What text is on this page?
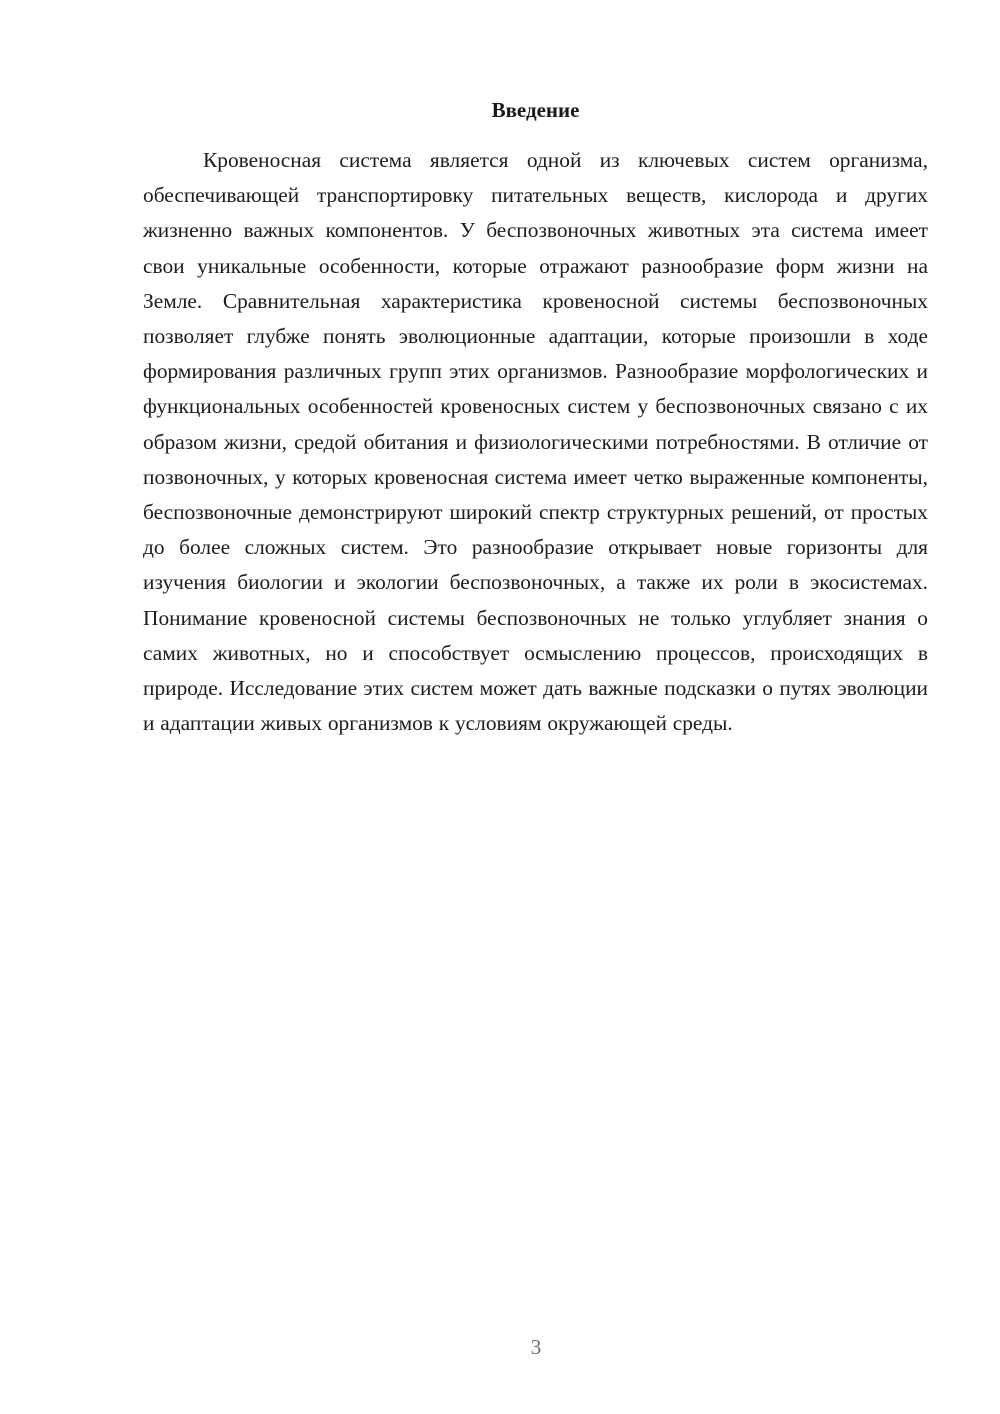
Введение

Кровеносная система является одной из ключевых систем организма, обеспечивающей транспортировку питательных веществ, кислорода и других жизненно важных компонентов. У беспозвоночных животных эта система имеет свои уникальные особенности, которые отражают разнообразие форм жизни на Земле. Сравнительная характеристика кровеносной системы беспозвоночных позволяет глубже понять эволюционные адаптации, которые произошли в ходе формирования различных групп этих организмов. Разнообразие морфологических и функциональных особенностей кровеносных систем у беспозвоночных связано с их образом жизни, средой обитания и физиологическими потребностями. В отличие от позвоночных, у которых кровеносная система имеет четко выраженные компоненты, беспозвоночные демонстрируют широкий спектр структурных решений, от простых до более сложных систем. Это разнообразие открывает новые горизонты для изучения биологии и экологии беспозвоночных, а также их роли в экосистемах. Понимание кровеносной системы беспозвоночных не только углубляет знания о самих животных, но и способствует осмыслению процессов, происходящих в природе. Исследование этих систем может дать важные подсказки о путях эволюции и адаптации живых организмов к условиям окружающей среды.

3
